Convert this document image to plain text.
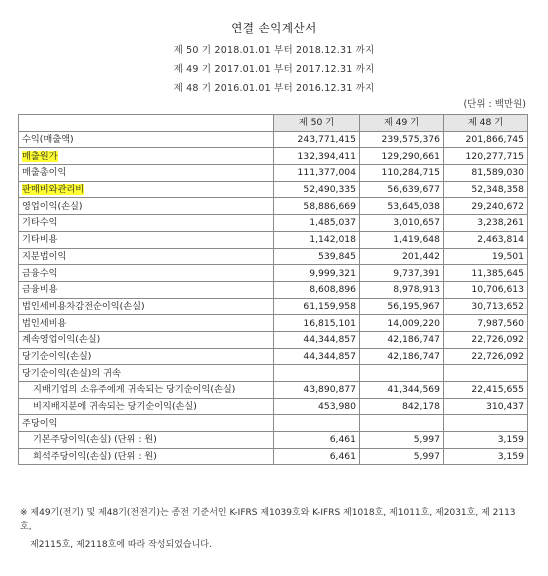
연결 손익계산서
제 50 기 2018.01.01 부터 2018.12.31 까지
제 49 기 2017.01.01 부터 2017.12.31 까지
제 48 기 2016.01.01 부터 2016.12.31 까지
(단위 : 백만원)
	제 50 기	제 49 기	제 48 기
수익(매출액)	243,771,415	239,575,376	201,866,745
매출원가	132,394,411	129,290,661	120,277,715
매출총이익	111,377,004	110,284,715	81,589,030
판매비와관리비	52,490,335	56,639,677	52,348,358
영업이익(손실)	58,886,669	53,645,038	29,240,672
기타수익	1,485,037	3,010,657	3,238,261
기타비용	1,142,018	1,419,648	2,463,814
지분법이익	539,845	201,442	19,501
금융수익	9,999,321	9,737,391	11,385,645
금융비용	8,608,896	8,978,913	10,706,613
법인세비용차감전순이익(손실)	61,159,958	56,195,967	30,713,652
법인세비용	16,815,101	14,009,220	7,987,560
계속영업이익(손실)	44,344,857	42,186,747	22,726,092
당기순이익(손실)	44,344,857	42,186,747	22,726,092
당기순이익(손실)의 귀속			
지배기업의 소유주에게 귀속되는 당기순이익(손실)	43,890,877	41,344,569	22,415,655
비지배지분에 귀속되는 당기순이익(손실)	453,980	842,178	310,437
주당이익			
기본주당이익(손실) (단위 : 원)	6,461	5,997	3,159
희석주당이익(손실) (단위 : 원)	6,461	5,997	3,159
※ 제49기(전기) 및 제48기(전전기)는 종전 기준서인 K-IFRS 제1039호와 K-IFRS 제1018호, 제1011호, 제2031호, 제 2113호,
제2115호, 제2118호에 따라 작성되었습니다.
